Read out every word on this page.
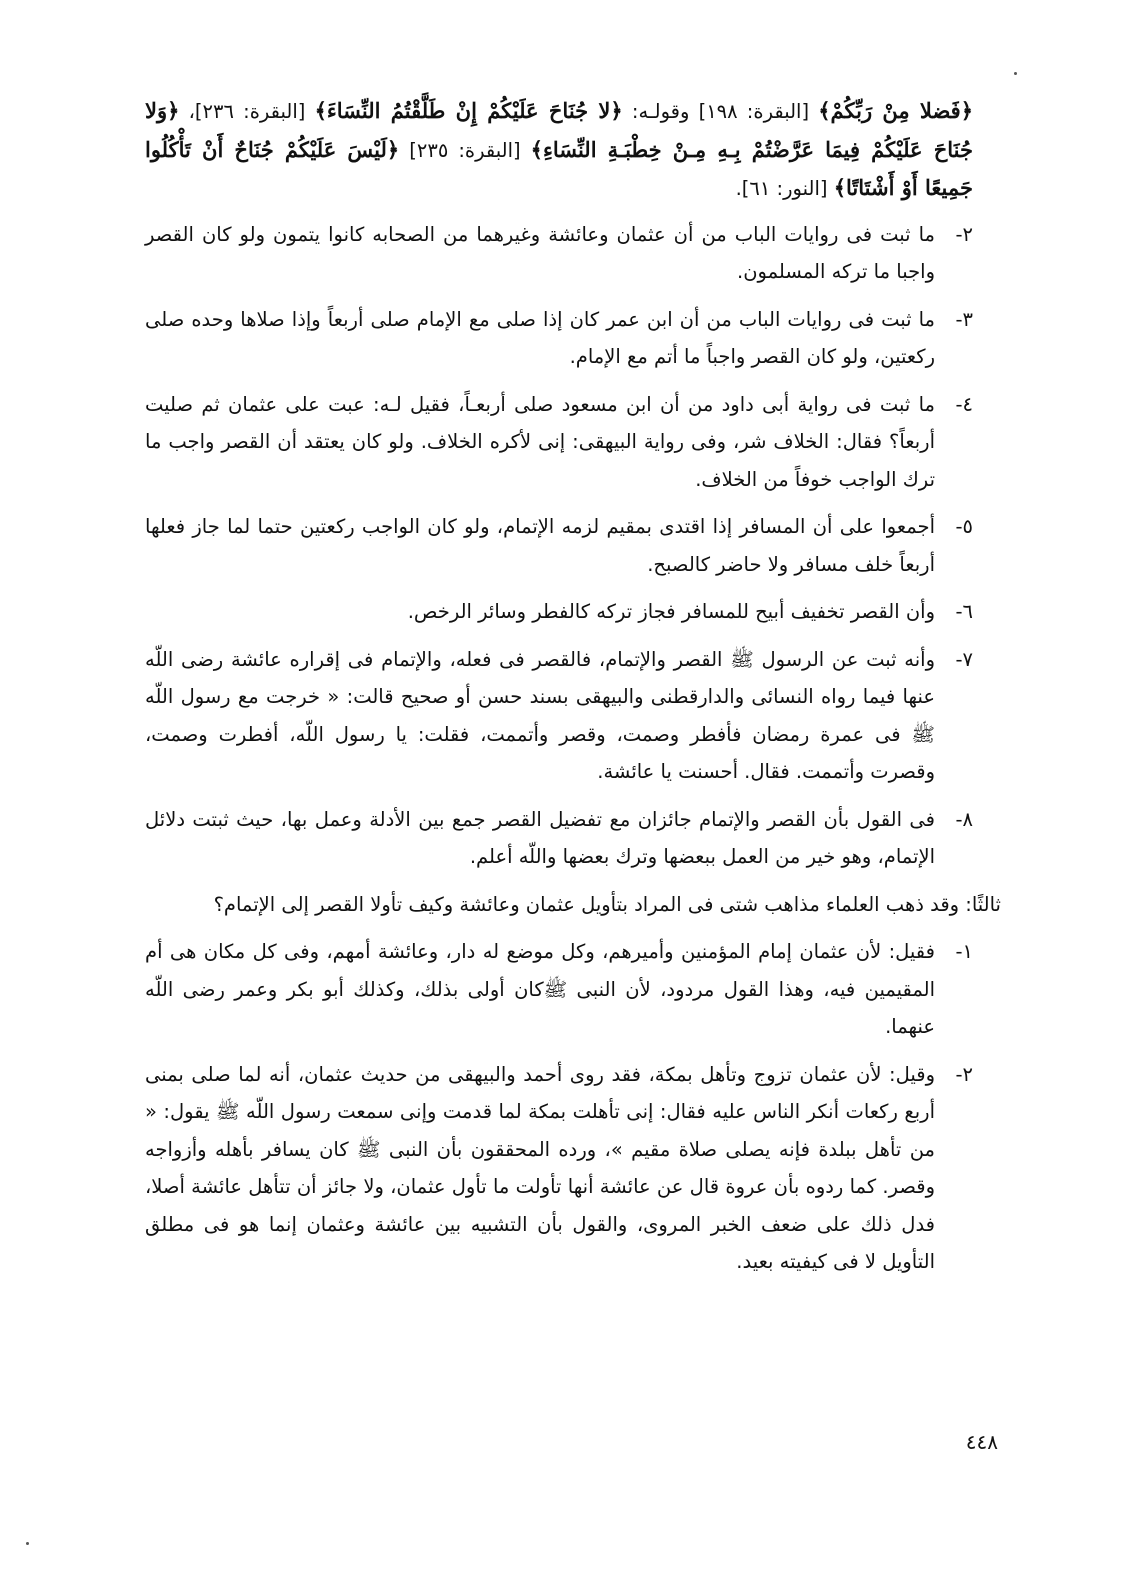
﴿فَضلا مِنْ رَبِّكُمْ﴾ [البقرة: ١٩٨] وقولـه: ﴿لا جُنَاحَ عَلَيْكُمْ إِنْ طَلَّقْتُمُ النِّسَاءَ﴾ [البقرة: ٢٣٦]، ﴿وَلا جُنَاحَ عَلَيْكُمْ فِيمَا عَرَّضْتُمْ بِـهِ مِـنْ خِطْبَـةِ النِّسَاءِ﴾ [البقرة: ٢٣٥] ﴿لَيْسَ عَلَيْكُمْ جُنَاحٌ أَنْ تَأْكُلُوا جَمِيعًا أَوْ أَشْتَاتًا﴾ [النور: ٦١].

٢-
ما ثبت فى روايات الباب من أن عثمان وعائشة وغيرهما من الصحابه كانوا يتمون ولو كان القصر واجبا ما تركه المسلمون.
٣-
ما ثبت فى روايات الباب من أن ابن عمر كان إذا صلى مع الإمام صلى أربعاً وإذا صلاها وحده صلى ركعتين، ولو كان القصر واجباً ما أتم مع الإمام.
٤-
ما ثبت فى رواية أبى داود من أن ابن مسعود صلى أربعـاً، فقيل لـه: عبت على عثمان ثم صليت أربعاً؟ فقال: الخلاف شر، وفى رواية البيهقى: إنى لأكره الخلاف. ولو كان يعتقد أن القصر واجب ما ترك الواجب خوفاً من الخلاف.
٥-
أجمعوا على أن المسافر إذا اقتدى بمقيم لزمه الإتمام، ولو كان الواجب ركعتين حتما لما جاز فعلها أربعاً خلف مسافر ولا حاضر كالصبح.
٦-
وأن القصر تخفيف أبيح للمسافر فجاز تركه كالفطر وسائر الرخص.
٧-
وأنه ثبت عن الرسول ﷺ القصر والإتمام، فالقصر فى فعله، والإتمام فى إقراره عائشة رضى اللّه عنها فيما رواه النسائى والدارقطنى والبيهقى بسند حسن أو صحيح قالت: « خرجت مع رسول اللّه ﷺ فى عمرة رمضان فأفطر وصمت، وقصر وأتممت، فقلت: يا رسول اللّه، أفطرت وصمت، وقصرت وأتممت. فقال. أحسنت يا عائشة.
٨-
فى القول بأن القصر والإتمام جائزان مع تفضيل القصر جمع بين الأدلة وعمل بها، حيث ثبتت دلائل الإتمام، وهو خير من العمل ببعضها وترك بعضها واللّه أعلم.

ثالثًا: وقد ذهب العلماء مذاهب شتى فى المراد بتأويل عثمان وعائشة وكيف تأولا القصر إلى الإتمام؟

١-
فقيل: لأن عثمان إمام المؤمنين وأميرهم، وكل موضع له دار، وعائشة أمهم، وفى كل مكان هى أم المقيمين فيه، وهذا القول مردود، لأن النبى ﷺكان أولى بذلك، وكذلك أبو بكر وعمر رضى اللّه عنهما.
٢-
وقيل: لأن عثمان تزوج وتأهل بمكة، فقد روى أحمد والبيهقى من حديث عثمان، أنه لما صلى بمنى أربع ركعات أنكر الناس عليه فقال: إنى تأهلت بمكة لما قدمت وإنى سمعت رسول اللّه ﷺ يقول: « من تأهل ببلدة فإنه يصلى صلاة مقيم »، ورده المحققون بأن النبى ﷺ كان يسافر بأهله وأزواجه وقصر. كما ردوه بأن عروة قال عن عائشة أنها تأولت ما تأول عثمان، ولا جائز أن تتأهل عائشة أصلا، فدل ذلك على ضعف الخبر المروى، والقول بأن التشبيه بين عائشة وعثمان إنما هو فى مطلق التأويل لا فى كيفيته بعيد.
٤٤٨
